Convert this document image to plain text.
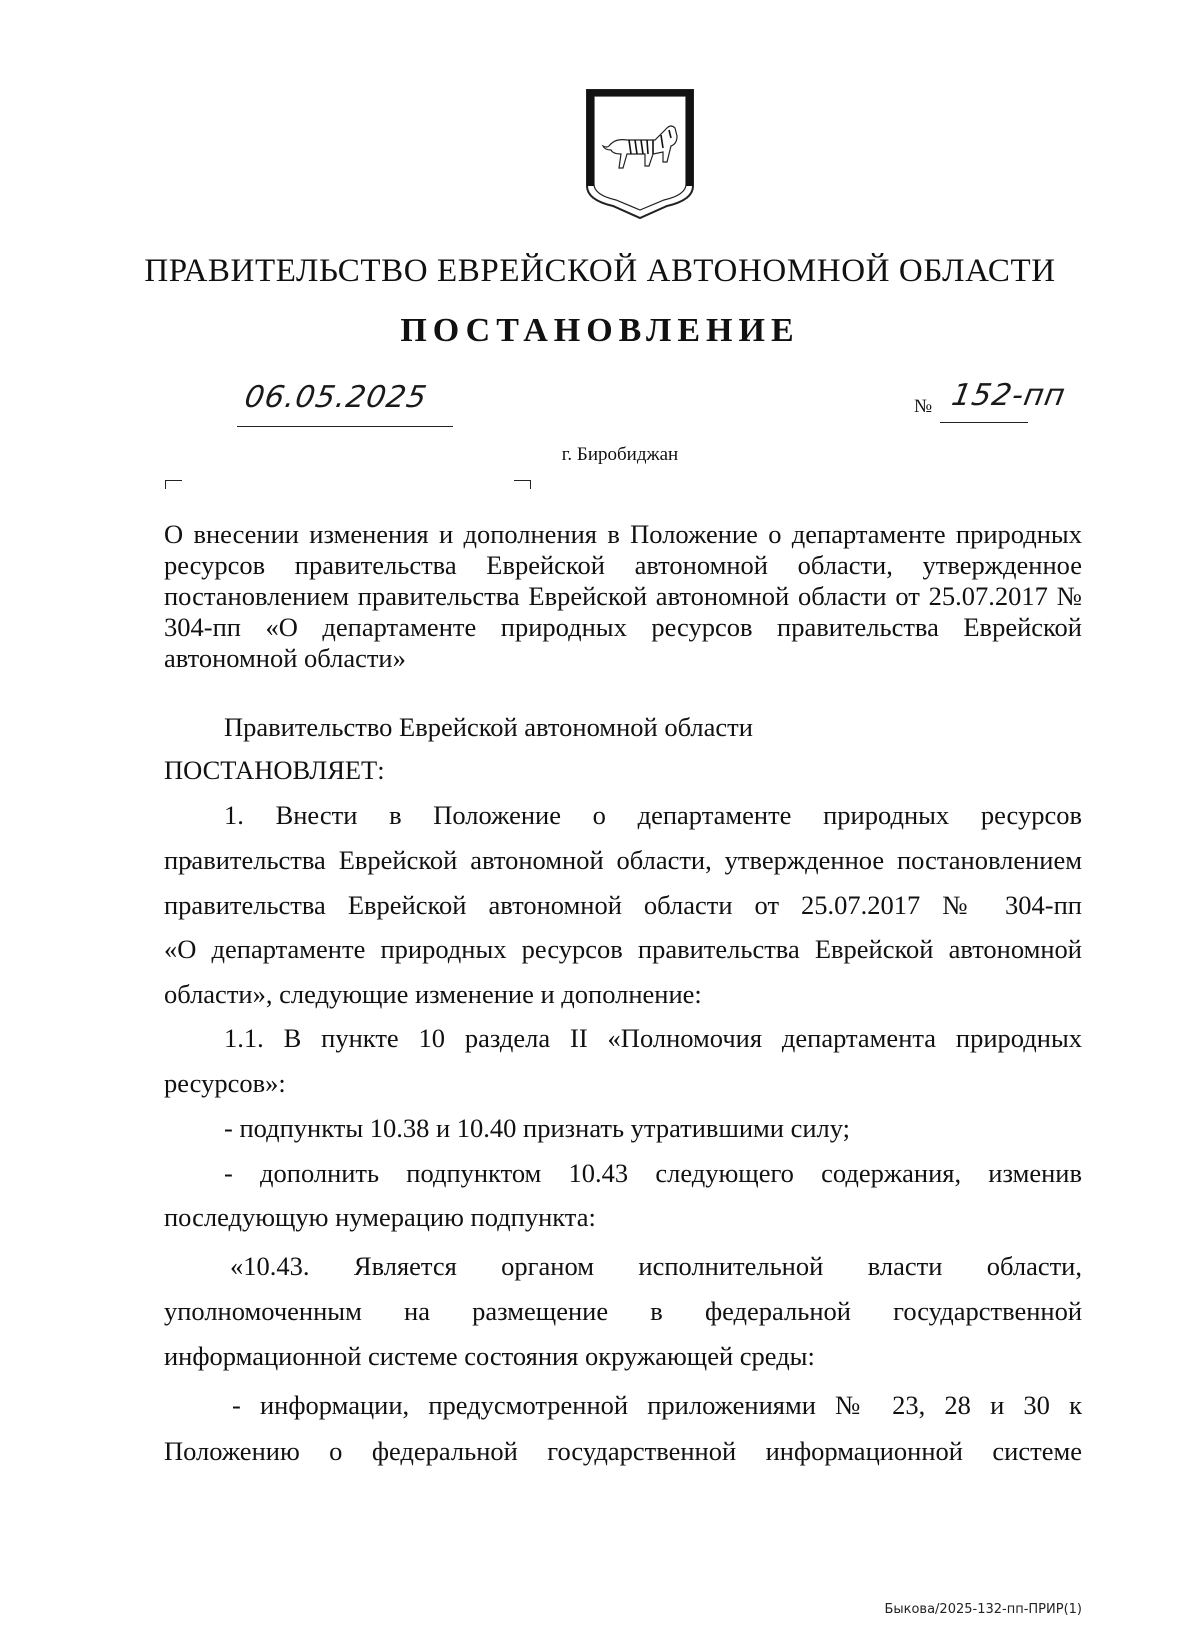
ПРАВИТЕЛЬСТВО ЕВРЕЙСКОЙ АВТОНОМНОЙ ОБЛАСТИ
ПОСТАНОВЛЕНИЕ
06.05.2025	№ 152-пп
г. Биробиджан
О внесении изменения и дополнения в Положение о департаменте природных ресурсов правительства Еврейской автономной области, утвержденное постановлением правительства Еврейской автономной области от 25.07.2017 № 304-пп «О департаменте природных ресурсов правительства Еврейской автономной области»
Правительство Еврейской автономной области
ПОСТАНОВЛЯЕТ:
1. Внести в Положение о департаменте природных ресурсов
правительства Еврейской автономной области, утвержденное постановлением
правительства Еврейской автономной области от 25.07.2017 № 304-пп
«О департаменте природных ресурсов правительства Еврейской автономной
области», следующие изменение и дополнение:
1.1. В пункте 10 раздела II «Полномочия департамента природных
ресурсов»:
- подпункты 10.38 и 10.40 признать утратившими силу;
- дополнить подпунктом 10.43 следующего содержания, изменив
последующую нумерацию подпункта:
«10.43. Является органом исполнительной власти области,
уполномоченным на размещение в федеральной государственной
информационной системе состояния окружающей среды:
- информации, предусмотренной приложениями № 23, 28 и 30 к
Положению о федеральной государственной информационной системе
Быкова/2025-132-пп-ПРИР(1)
